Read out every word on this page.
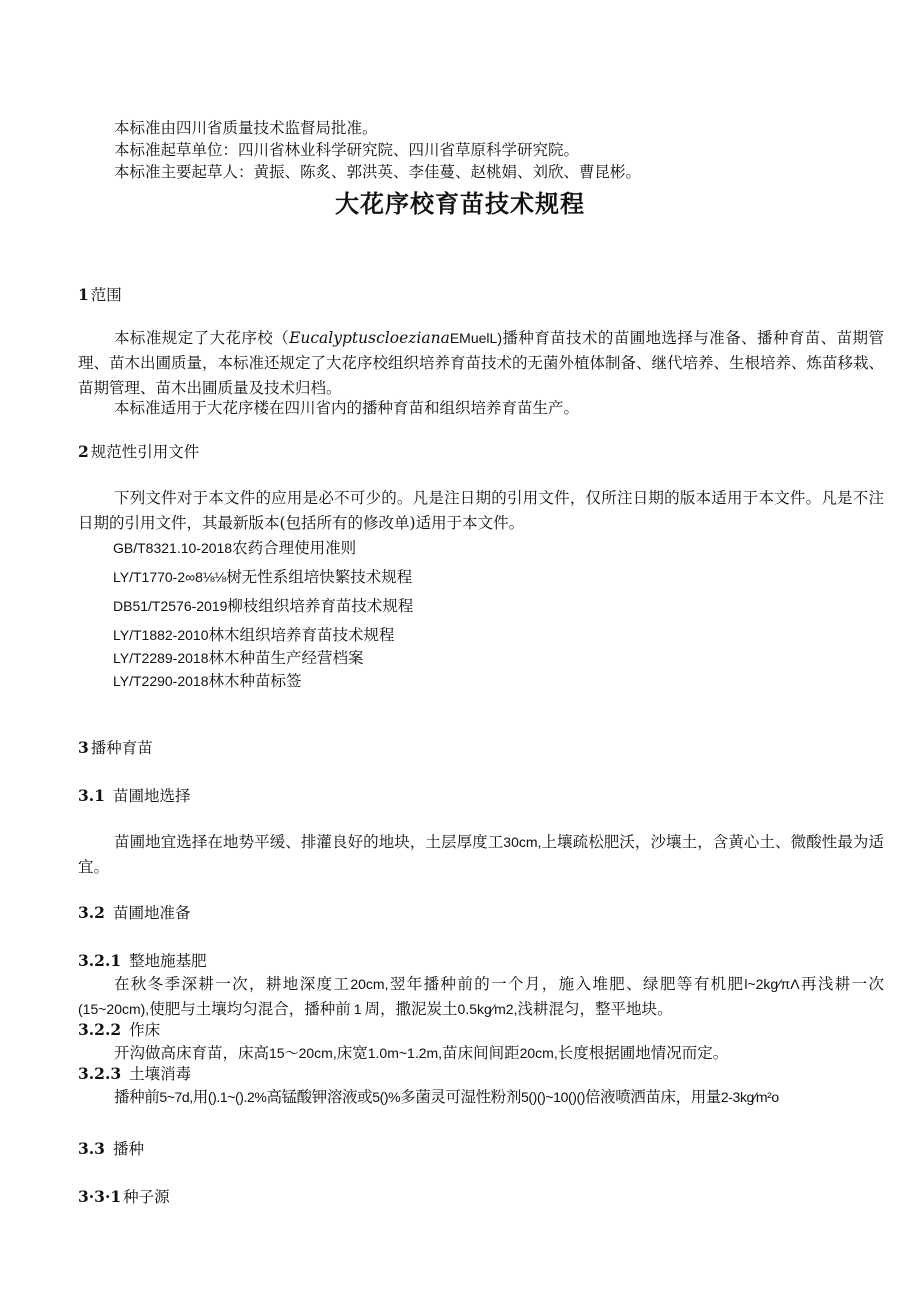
本标准由四川省质量技术监督局批准。
本标准起草单位：四川省林业科学研究院、四川省草原科学研究院。
本标准主要起草人：黄振、陈炙、郭洪英、李佳蔓、赵桃娟、刘欣、曹昆彬。
大花序校育苗技术规程
1 范围
本标准规定了大花序校（EucalyptuscloezianaEMuelL)播种育苗技术的苗圃地选择与准备、播种育苗、苗期管理、苗木出圃质量，本标准还规定了大花序校组织培养育苗技术的无菌外植体制备、继代培养、生根培养、炼苗移栽、苗期管理、苗木出圃质量及技术归档。
本标准适用于大花序楼在四川省内的播种育苗和组织培养育苗生产。
2 规范性引用文件
下列文件对于本文件的应用是必不可少的。凡是注日期的引用文件，仅所注日期的版本适用于本文件。凡是不注日期的引用文件，其最新版本(包括所有的修改单)适用于本文件。
GB/T8321.10-2018农药合理使用准则
LY/T1770-2∞8⅛⅛树无性系组培快繁技术规程
DB51/T2576-2019柳枝组织培养育苗技术规程
LY/T1882-2010林木组织培养育苗技术规程
LY/T2289-2018林木种苗生产经营档案
LY/T2290-2018林木种苗标签
3 播种育苗
3.1 苗圃地选择
苗圃地宜选择在地势平缓、排灌良好的地块，土层厚度工30cm,上壤疏松肥沃，沙壤土，含黄心土、微酸性最为适宜。
3.2 苗圃地准备
3.2.1 整地施基肥
在秋冬季深耕一次，耕地深度工20cm,翌年播种前的一个月，施入堆肥、绿肥等有机肥l~2kg∕πΛ再浅耕一次(15~20cm),使肥与土壤均匀混合，播种前 1 周，撒泥炭土0.5kg∕m2,浅耕混匀，整平地块。
3.2.2 作床
开沟做高床育苗，床高15～20cm,床宽1.0m~1.2m,苗床间间距20cm,长度根据圃地情况而定。
3.2.3 土壤消毒
播种前5~7d,用().1~().2%高锰酸钾溶液或5()%多菌灵可湿性粉剂5()()~10()()倍液喷洒苗床，用量2-3kg∕m²o
3.3 播种
3·3·1 种子源
